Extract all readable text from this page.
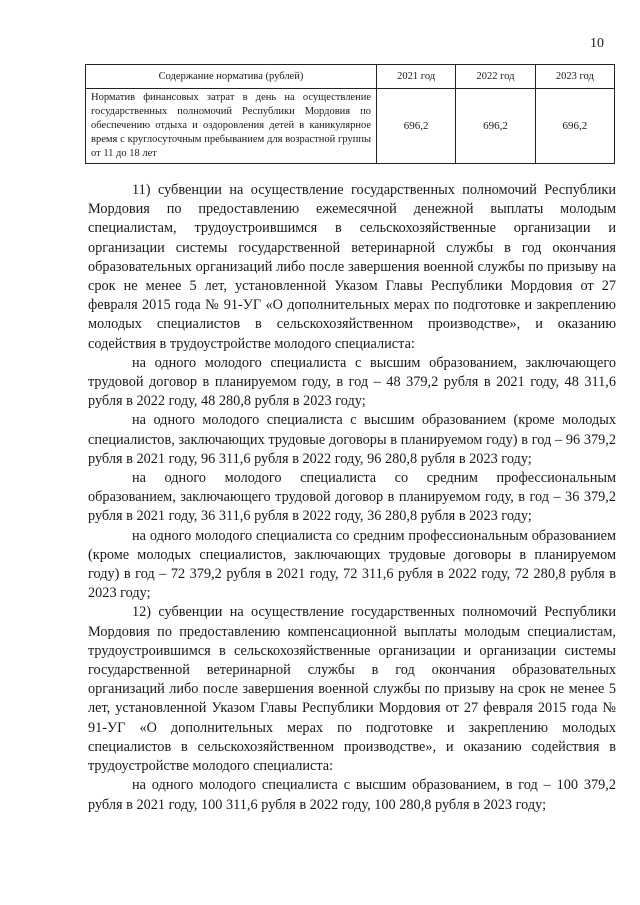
10
Содержание норматива (рублей)	2021 год	2022 год	2023 год
Норматив финансовых затрат в день на осуществление государственных полномочий Республики Мордовия по обеспечению отдыха и оздоровления детей в каникулярное время с круглосуточным пребыванием для возрастной группы от 11 до 18 лет	696,2	696,2	696,2

11) субвенции на осуществление государственных полномочий Республики Мордовия по предоставлению ежемесячной денежной выплаты молодым специалистам, трудоустроившимся в сельскохозяйственные организации и организации системы государственной ветеринарной службы в год окончания образовательных организаций либо после завершения военной службы по призыву на срок не менее 5 лет, установленной Указом Главы Республики Мордовия от 27 февраля 2015 года № 91-УГ «О дополнительных мерах по подготовке и закреплению молодых специалистов в сельскохозяйственном производстве», и оказанию содействия в трудоустройстве молодого специалиста:

на одного молодого специалиста с высшим образованием, заключающего трудовой договор в планируемом году, в год – 48 379,2 рубля в 2021 году, 48 311,6 рубля в 2022 году, 48 280,8 рубля в 2023 году;

на одного молодого специалиста с высшим образованием (кроме молодых специалистов, заключающих трудовые договоры в планируемом году) в год – 96 379,2 рубля в 2021 году, 96 311,6 рубля в 2022 году, 96 280,8 рубля в 2023 году;

на одного молодого специалиста со средним профессиональным образованием, заключающего трудовой договор в планируемом году, в год – 36 379,2 рубля в 2021 году, 36 311,6 рубля в 2022 году, 36 280,8 рубля в 2023 году;

на одного молодого специалиста со средним профессиональным образованием (кроме молодых специалистов, заключающих трудовые договоры в планируемом году) в год – 72 379,2 рубля в 2021 году, 72 311,6 рубля в 2022 году, 72 280,8 рубля в 2023 году;

12) субвенции на осуществление государственных полномочий Республики Мордовия по предоставлению компенсационной выплаты молодым специалистам, трудоустроившимся в сельскохозяйственные организации и организации системы государственной ветеринарной службы в год окончания образовательных организаций либо после завершения военной службы по призыву на срок не менее 5 лет, установленной Указом Главы Республики Мордовия от 27 февраля 2015 года № 91-УГ «О дополнительных мерах по подготовке и закреплению молодых специалистов в сельскохозяйственном производстве», и оказанию содействия в трудоустройстве молодого специалиста:

на одного молодого специалиста с высшим образованием, в год – 100 379,2 рубля в 2021 году, 100 311,6 рубля в 2022 году, 100 280,8 рубля в 2023 году;
